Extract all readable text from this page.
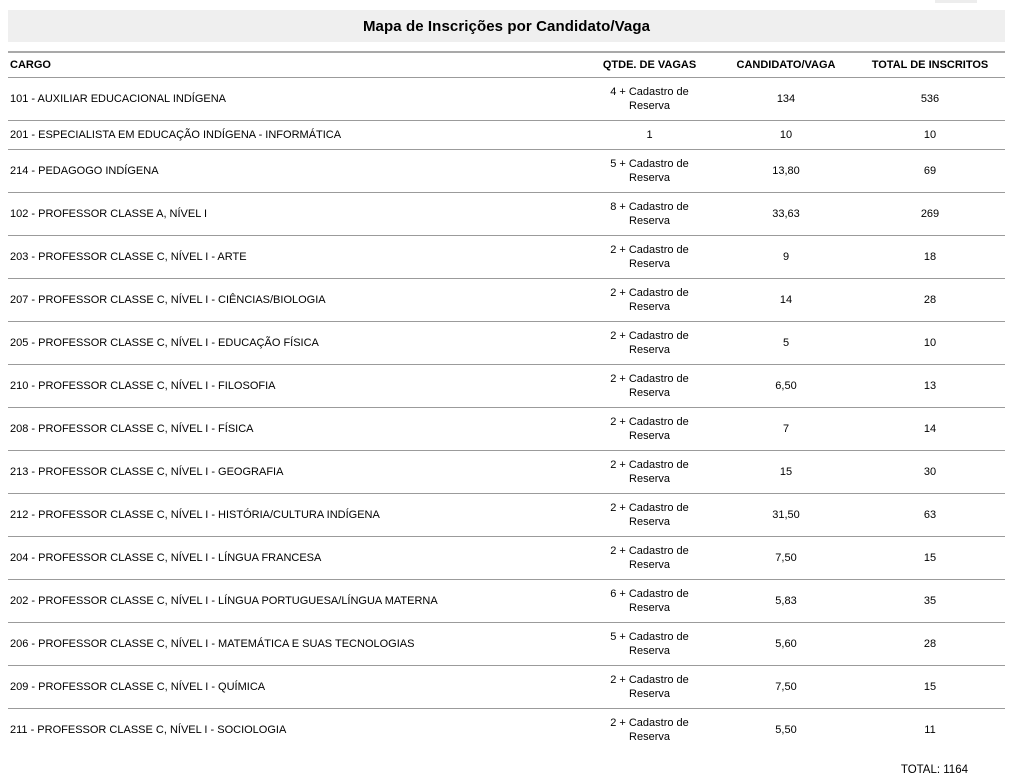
Mapa de Inscrições por Candidato/Vaga
CARGO	QTDE. DE VAGAS	CANDIDATO/VAGA	TOTAL DE INSCRITOS
101 - AUXILIAR EDUCACIONAL INDÍGENA	4 + Cadastro de Reserva	134	536
201 - ESPECIALISTA EM EDUCAÇÃO INDÍGENA - INFORMÁTICA	1	10	10
214 - PEDAGOGO INDÍGENA	5 + Cadastro de Reserva	13,80	69
102 - PROFESSOR CLASSE A, NÍVEL I	8 + Cadastro de Reserva	33,63	269
203 - PROFESSOR CLASSE C, NÍVEL I - ARTE	2 + Cadastro de Reserva	9	18
207 - PROFESSOR CLASSE C, NÍVEL I - CIÊNCIAS/BIOLOGIA	2 + Cadastro de Reserva	14	28
205 - PROFESSOR CLASSE C, NÍVEL I - EDUCAÇÃO FÍSICA	2 + Cadastro de Reserva	5	10
210 - PROFESSOR CLASSE C, NÍVEL I - FILOSOFIA	2 + Cadastro de Reserva	6,50	13
208 - PROFESSOR CLASSE C, NÍVEL I - FÍSICA	2 + Cadastro de Reserva	7	14
213 - PROFESSOR CLASSE C, NÍVEL I - GEOGRAFIA	2 + Cadastro de Reserva	15	30
212 - PROFESSOR CLASSE C, NÍVEL I - HISTÓRIA/CULTURA INDÍGENA	2 + Cadastro de Reserva	31,50	63
204 - PROFESSOR CLASSE C, NÍVEL I - LÍNGUA FRANCESA	2 + Cadastro de Reserva	7,50	15
202 - PROFESSOR CLASSE C, NÍVEL I - LÍNGUA PORTUGUESA/LÍNGUA MATERNA	6 + Cadastro de Reserva	5,83	35
206 - PROFESSOR CLASSE C, NÍVEL I - MATEMÁTICA E SUAS TECNOLOGIAS	5 + Cadastro de Reserva	5,60	28
209 - PROFESSOR CLASSE C, NÍVEL I - QUÍMICA	2 + Cadastro de Reserva	7,50	15
211 - PROFESSOR CLASSE C, NÍVEL I - SOCIOLOGIA	2 + Cadastro de Reserva	5,50	11
TOTAL: 1164
